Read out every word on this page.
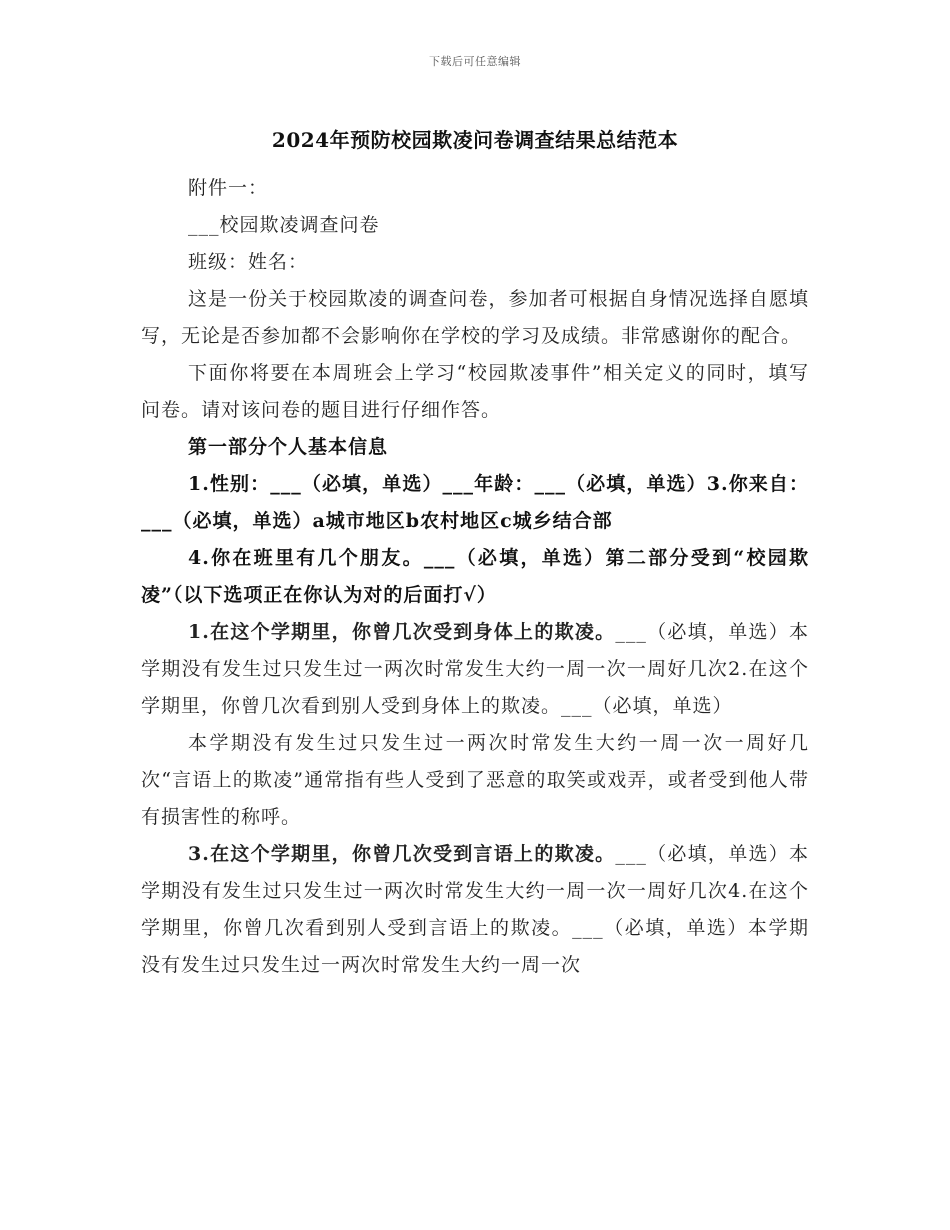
下载后可任意编辑
2024年预防校园欺凌问卷调查结果总结范本

附件一：

___校园欺凌调查问卷

班级：姓名：

这是一份关于校园欺凌的调查问卷，参加者可根据自身情况选择自愿填写，无论是否参加都不会影响你在学校的学习及成绩。非常感谢你的配合。

下面你将要在本周班会上学习“校园欺凌事件”相关定义的同时，填写问卷。请对该问卷的题目进行仔细作答。

第一部分个人基本信息

1.性别：___（必填，单选）___年龄：___（必填，单选）3.你来自：___（必填，单选）a城市地区b农村地区c城乡结合部

4.你在班里有几个朋友。___（必填，单选）第二部分受到“校园欺凌”（以下选项正在你认为对的后面打√）

1.在这个学期里，你曾几次受到身体上的欺凌。___（必填，单选）本学期没有发生过只发生过一两次时常发生大约一周一次一周好几次2.在这个学期里，你曾几次看到别人受到身体上的欺凌。___（必填，单选）

本学期没有发生过只发生过一两次时常发生大约一周一次一周好几次“言语上的欺凌”通常指有些人受到了恶意的取笑或戏弄，或者受到他人带有损害性的称呼。

3.在这个学期里，你曾几次受到言语上的欺凌。___（必填，单选）本学期没有发生过只发生过一两次时常发生大约一周一次一周好几次4.在这个学期里，你曾几次看到别人受到言语上的欺凌。___（必填，单选）本学期没有发生过只发生过一两次时常发生大约一周一次
